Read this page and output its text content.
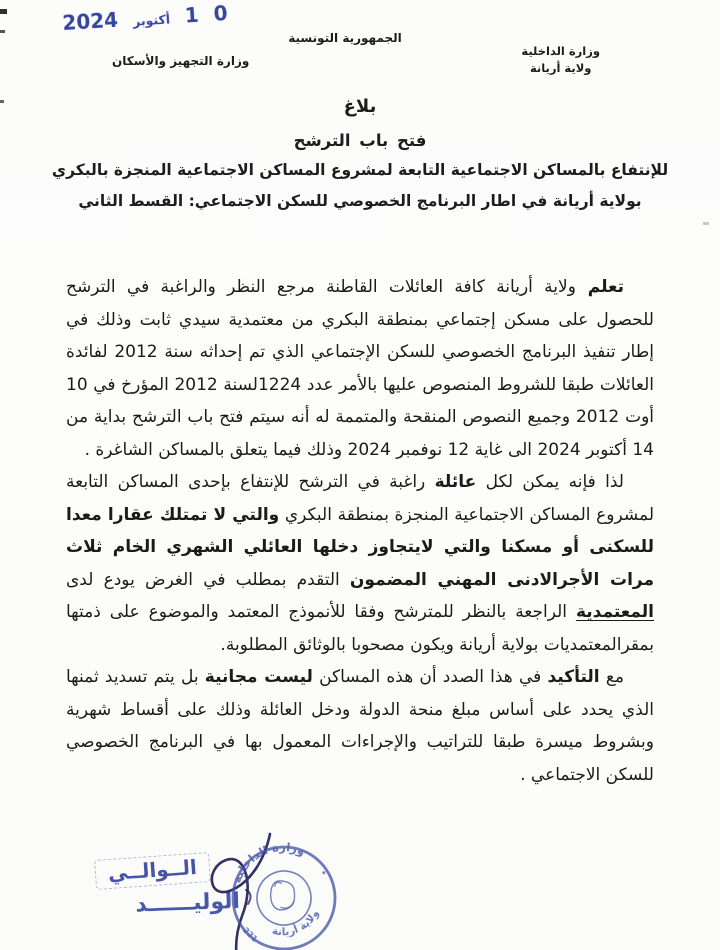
0 1 أكتوبر 2024
الجمهورية التونسية
وزارة الداخلية
ولاية أريانة
وزارة التجهيز والأسكان
بلاغ
فتح باب الترشح
للإنتفاع بالمساكن الاجتماعية التابعة لمشروع المساكن الاجتماعية المنجزة بالبكري
بولاية أريانة في اطار البرنامج الخصوصي للسكن الاجتماعي: القسط الثاني

تعلم ولاية أريانة كافة العائلات القاطنة مرجع النظر والراغبة في الترشح للحصول على مسكن إجتماعي بمنطقة البكري من معتمدية سيدي ثابت وذلك في إطار تنفيذ البرنامج الخصوصي للسكن الإجتماعي الذي تم إحداثه سنة 2012 لفائدة العائلات طبقا للشروط المنصوص عليها بالأمر عدد 1224لسنة 2012 المؤرخ في 10 أوت 2012 وجميع النصوص المنقحة والمتممة له أنه سيتم فتح باب الترشح بداية من 14 أكتوبر 2024 الى غاية 12 نوفمبر 2024 وذلك فيما يتعلق بالمساكن الشاغرة .

لذا فإنه يمكن لكل عائلة راغبة في الترشح للإنتفاع بإحدى المساكن التابعة لمشروع المساكن الاجتماعية المنجزة بمنطقة البكري والتي لا تمتلك عقارا معدا للسكنى أو مسكنا والتي لايتجاوز دخلها العائلي الشهري الخام ثلاث مرات الأجرالادنى المهني المضمون التقدم بمطلب في الغرض يودع لدى المعتمدية الراجعة بالنظر للمترشح وفقا للأنموذج المعتمد والموضوع على ذمتها بمقرالمعتمديات بولاية أريانة ويكون مصحوبا بالوثائق المطلوبة.

مع التأكيد في هذا الصدد أن هذه المساكن ليست مجانية بل يتم تسديد ثمنها الذي يحدد على أساس مبلغ منحة الدولة ودخل العائلة وذلك على أقساط شهرية وبشروط ميسرة طبقا للتراتيب والإجراءات المعمول بها في البرنامج الخصوصي للسكن الاجتماعي .

الــوالــي
الوليــــــد
وزارة الداخلية
ولاية أريانة
٭
221
